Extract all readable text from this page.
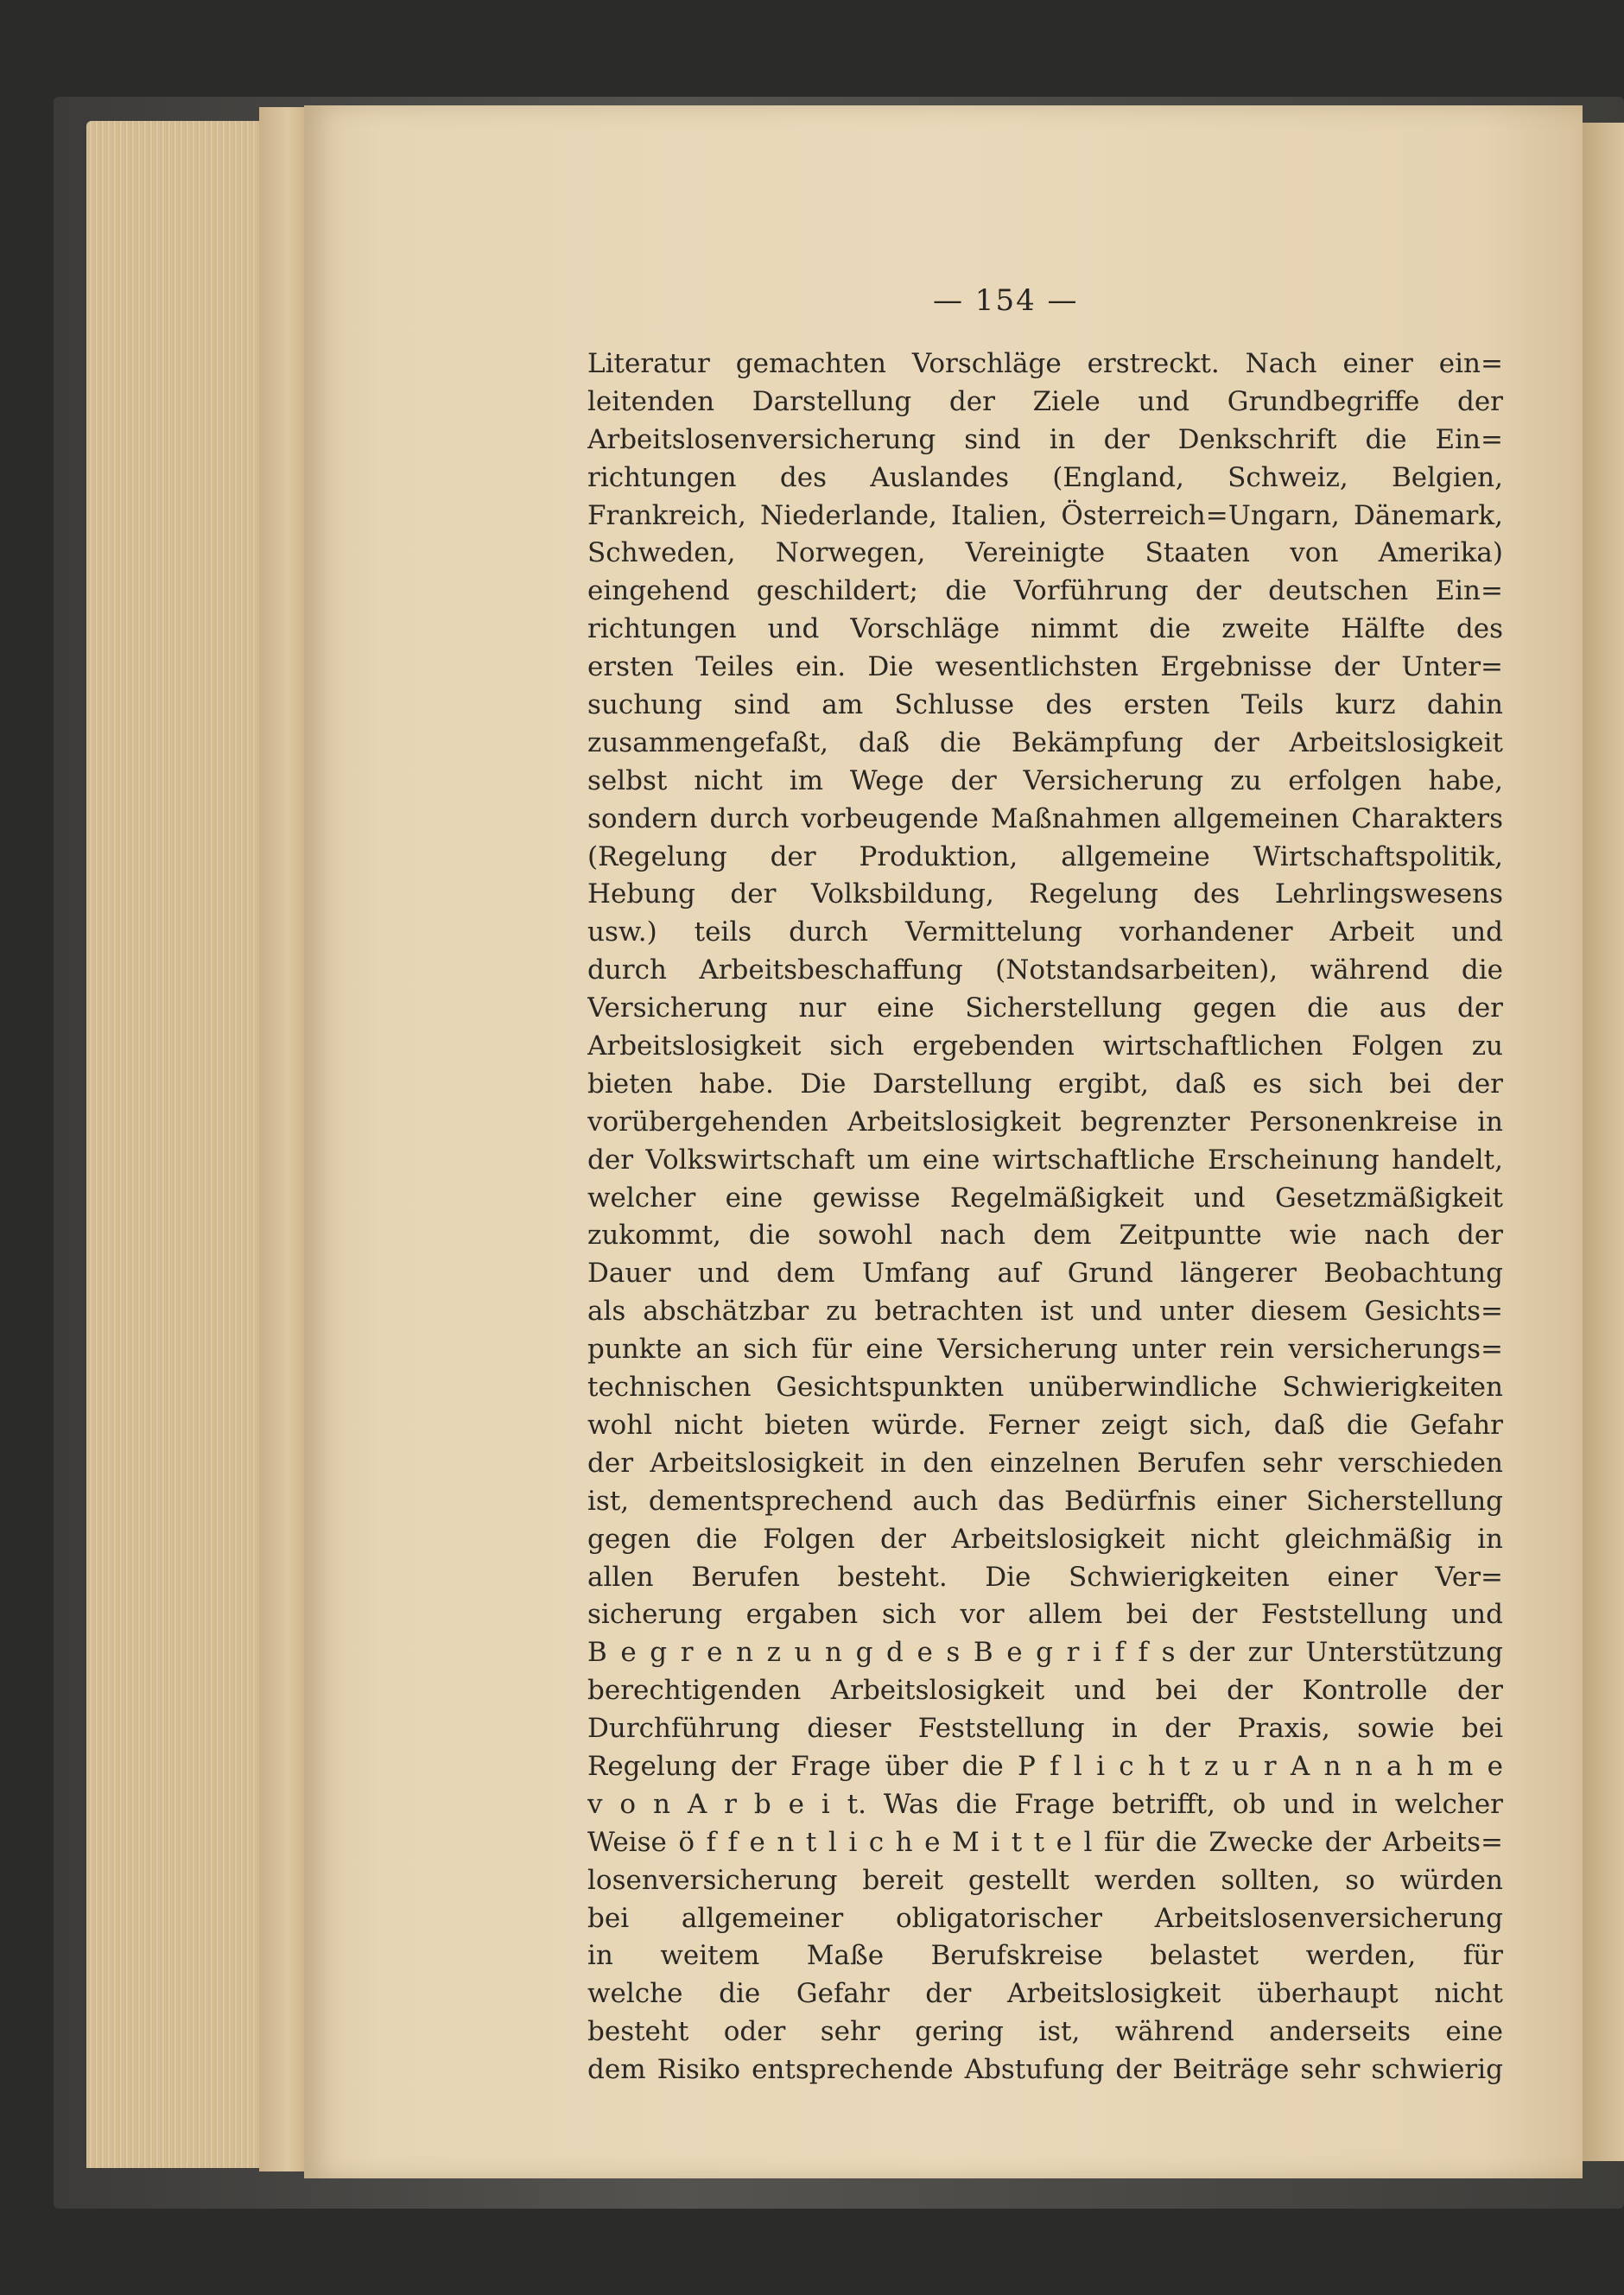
— 154 —
Literatur gemachten Vorschläge erstreckt. Nach einer ein=
leitenden Darstellung der Ziele und Grundbegriffe der
Arbeitslosenversicherung sind in der Denkschrift die Ein=
richtungen des Auslandes (England, Schweiz, Belgien,
Frankreich, Niederlande, Italien, Österreich=Ungarn, Dänemark,
Schweden, Norwegen, Vereinigte Staaten von Amerika)
eingehend geschildert; die Vorführung der deutschen Ein=
richtungen und Vorschläge nimmt die zweite Hälfte des
ersten Teiles ein. Die wesentlichsten Ergebnisse der Unter=
suchung sind am Schlusse des ersten Teils kurz dahin
zusammengefaßt, daß die Bekämpfung der Arbeitslosigkeit
selbst nicht im Wege der Versicherung zu erfolgen habe,
sondern durch vorbeugende Maßnahmen allgemeinen Charakters
(Regelung der Produktion, allgemeine Wirtschaftspolitik,
Hebung der Volksbildung, Regelung des Lehrlingswesens
usw.) teils durch Vermittelung vorhandener Arbeit und
durch Arbeitsbeschaffung (Notstandsarbeiten), während die
Versicherung nur eine Sicherstellung gegen die aus der
Arbeitslosigkeit sich ergebenden wirtschaftlichen Folgen zu
bieten habe. Die Darstellung ergibt, daß es sich bei der
vorübergehenden Arbeitslosigkeit begrenzter Personenkreise in
der Volkswirtschaft um eine wirtschaftliche Erscheinung handelt,
welcher eine gewisse Regelmäßigkeit und Gesetzmäßigkeit
zukommt, die sowohl nach dem Zeitpuntte wie nach der
Dauer und dem Umfang auf Grund längerer Beobachtung
als abschätzbar zu betrachten ist und unter diesem Gesichts=
punkte an sich für eine Versicherung unter rein versicherungs=
technischen Gesichtspunkten unüberwindliche Schwierigkeiten
wohl nicht bieten würde. Ferner zeigt sich, daß die Gefahr
der Arbeitslosigkeit in den einzelnen Berufen sehr verschieden
ist, dementsprechend auch das Bedürfnis einer Sicherstellung
gegen die Folgen der Arbeitslosigkeit nicht gleichmäßig in
allen Berufen besteht. Die Schwierigkeiten einer Ver=
sicherung ergaben sich vor allem bei der Feststellung und
B e g r e n z u n g d e s B e g r i f f s der zur Unterstützung
berechtigenden Arbeitslosigkeit und bei der Kontrolle der
Durchführung dieser Feststellung in der Praxis, sowie bei
Regelung der Frage über die P f l i c h t z u r A n n a h m e
v o n A r b e i t. Was die Frage betrifft, ob und in welcher
Weise ö f f e n t l i c h e M i t t e l für die Zwecke der Arbeits=
losenversicherung bereit gestellt werden sollten, so würden
bei allgemeiner obligatorischer Arbeitslosenversicherung
in weitem Maße Berufskreise belastet werden, für
welche die Gefahr der Arbeitslosigkeit überhaupt nicht
besteht oder sehr gering ist, während anderseits eine
dem Risiko entsprechende Abstufung der Beiträge sehr schwierig
